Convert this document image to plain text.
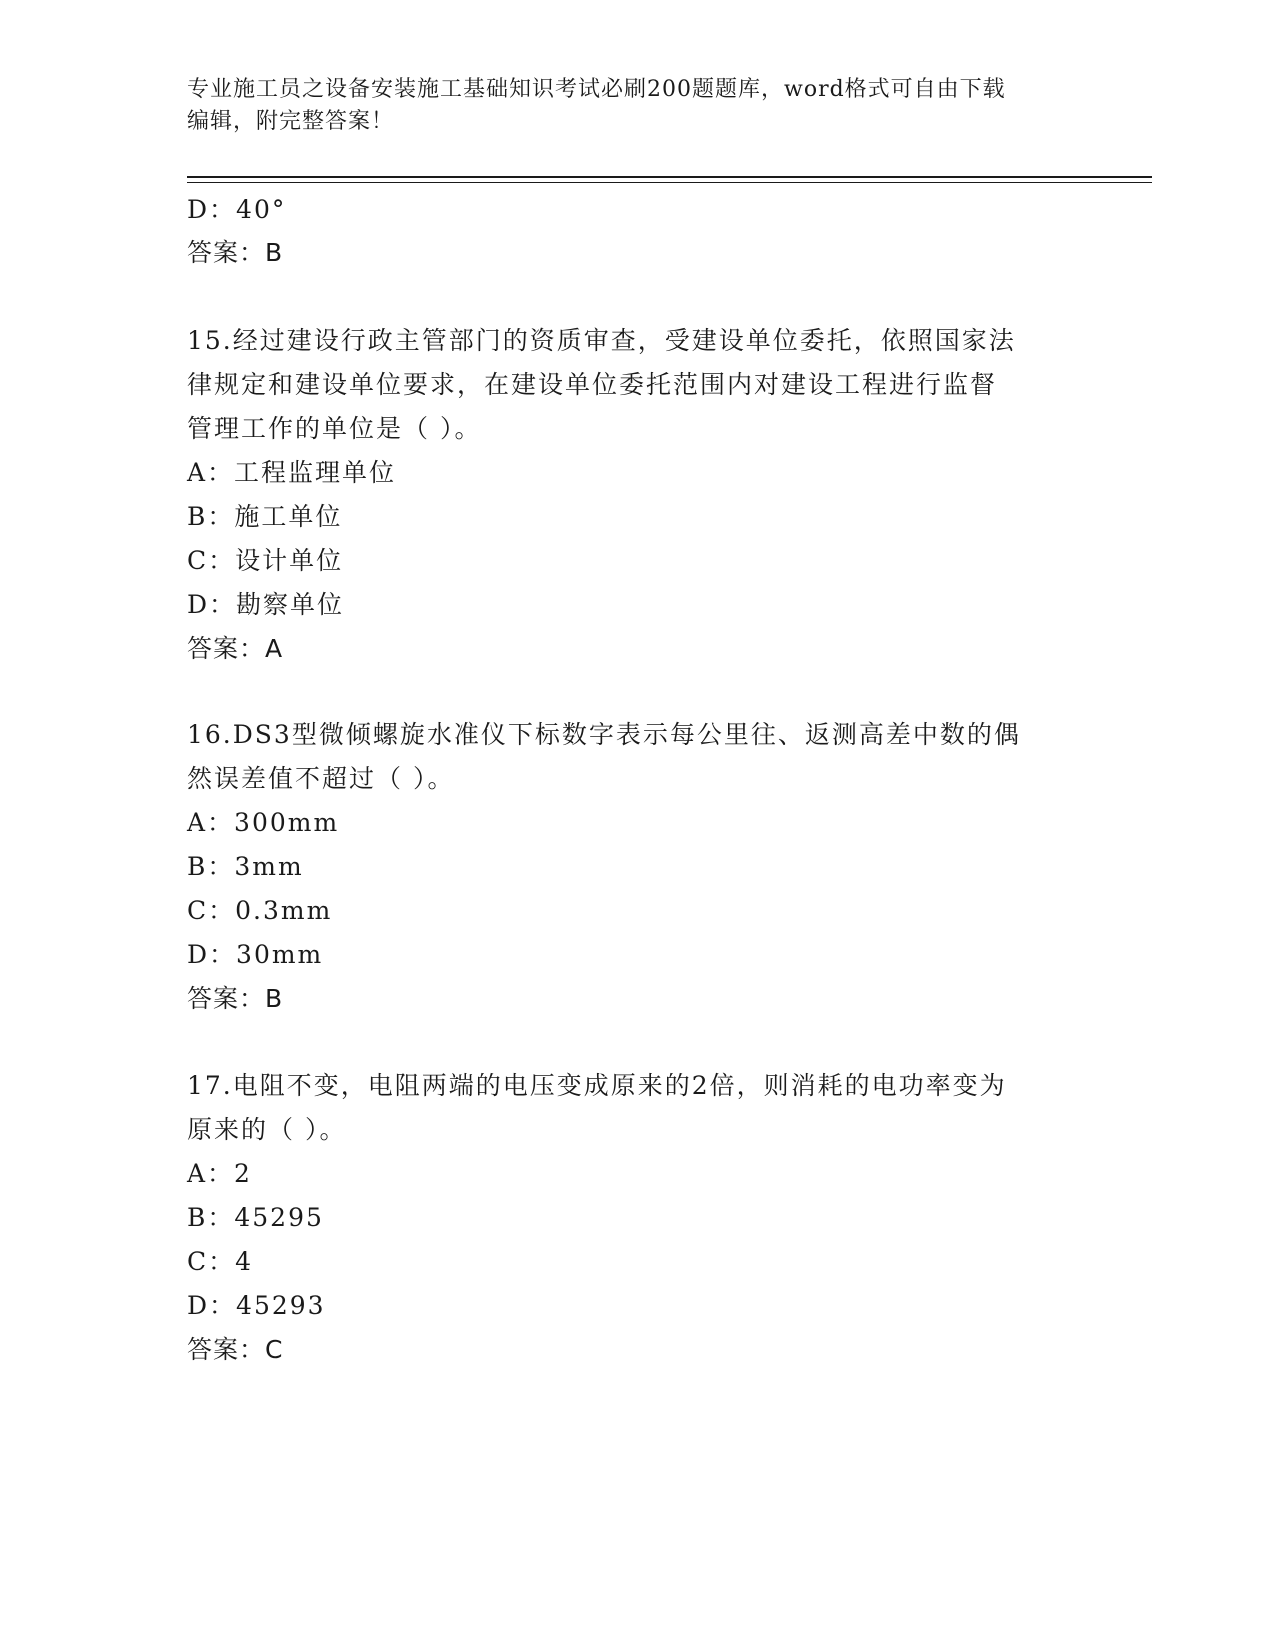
专业施工员之设备安装施工基础知识考试必刷200题题库，word格式可自由下载
编辑，附完整答案！
D：40°
答案：B
15.经过建设行政主管部门的资质审查，受建设单位委托，依照国家法
律规定和建设单位要求，在建设单位委托范围内对建设工程进行监督
管理工作的单位是（ ）。
A：工程监理单位
B：施工单位
C：设计单位
D：勘察单位
答案：A
16.DS3型微倾螺旋水准仪下标数字表示每公里往、返测高差中数的偶
然误差值不超过（ ）。
A：300mm
B：3mm
C：0.3mm
D：30mm
答案：B
17.电阻不变，电阻两端的电压变成原来的2倍，则消耗的电功率变为
原来的（ ）。
A：2
B：45295
C：4
D：45293
答案：C
